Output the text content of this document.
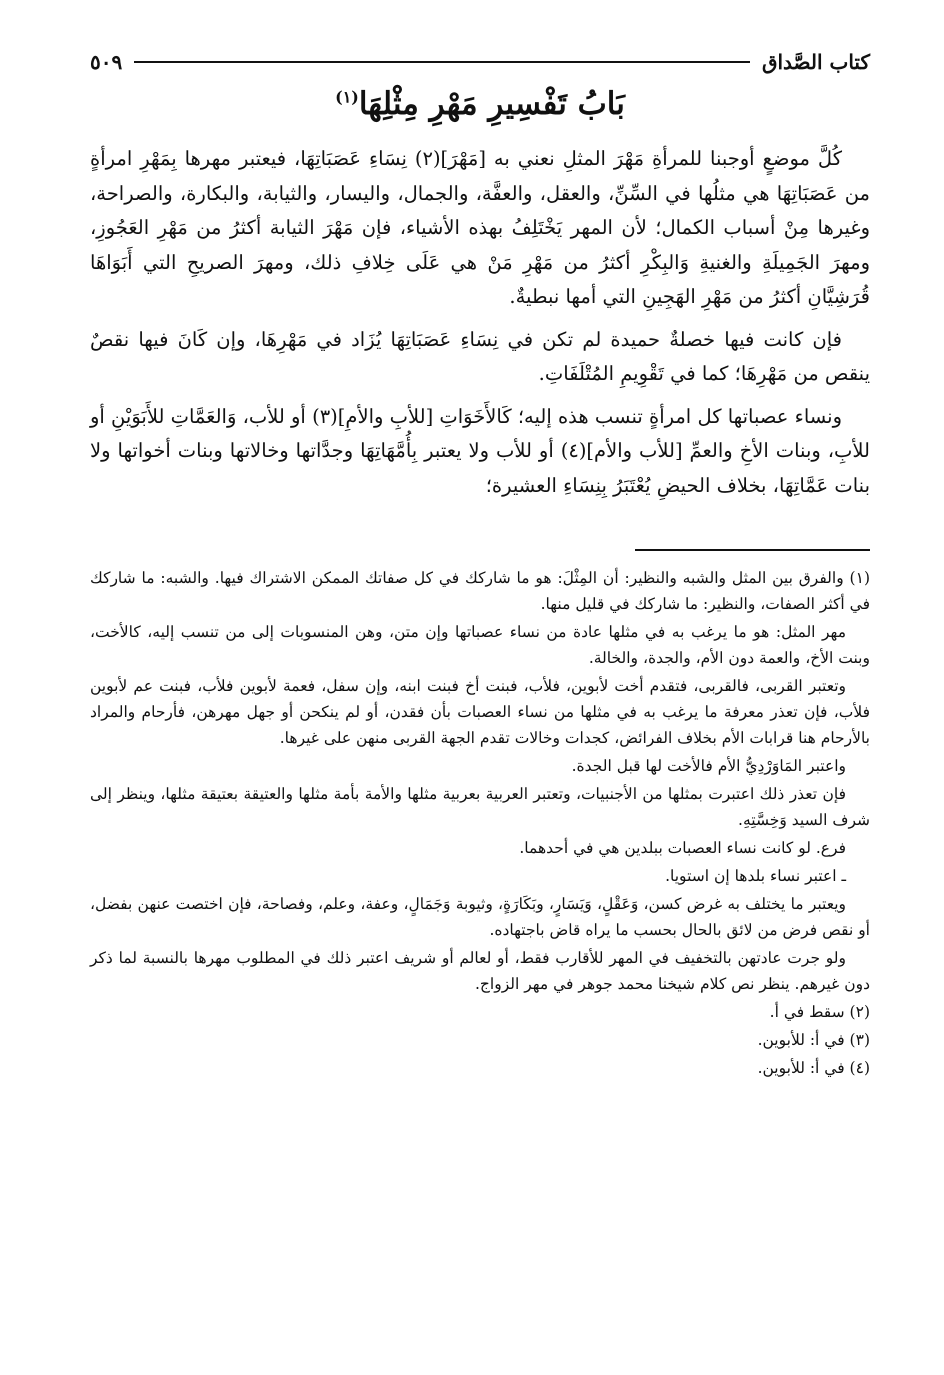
كتاب الصَّداق
٥٠٩
بَابُ تَفْسِيرِ مَهْرِ مِثْلِهَا$^{(١)}$

كُلَّ موضعٍ أوجبنا للمرأةِ مَهْرَ المثلِ نعني به [مَهْرَ](٢) نِسَاءِ عَصَبَاتِهَا، فيعتبر مهرها بِمَهْرِ امرأةٍ من عَصَبَاتِهَا هي مثلُها في السِّنِّ، والعقل، والعفَّة، والجمال، واليسار، والثيابة، والبكارة، والصراحة، وغيرها مِنْ أسباب الكمال؛ لأن المهر يَخْتَلِفُ بهذه الأشياء، فإن مَهْرَ الثيابة أكثرُ من مَهْرِ العَجُوزِ، ومهرَ الجَمِيلَةِ والغنيةِ وَالبِكْرِ أكثرُ من مَهْرِ مَنْ هي عَلَى خِلافِ ذلك، ومهرَ الصريحِ التي أَبَوَاهَا قُرَشِيَّانِ أكثرُ من مَهْرِ الهَجِينِ التي أمها نبطيةٌ.

فإن كانت فيها خصلةٌ حميدة لم تكن في نِسَاءِ عَصَبَاتِهَا يُزَاد في مَهْرِهَا، وإن كَانَ فيها نقصٌ ينقص من مَهْرِهَا؛ كما في تَقْوِيمِ المُتْلَفَاتِ.

ونساء عصباتها كل امرأةٍ تنسب هذه إليه؛ كَالأَخَوَاتِ [للأبِ والأمِ](٣) أو للأب، وَالعَمَّاتِ للأَبَوَيْنِ أو للأبِ، وبنات الأخِ والعمِّ [للأب والأم](٤) أو للأب ولا يعتبر بِأُمَّهَاتِهَا وجدَّاتها وخالاتها وبنات أخواتها ولا بنات عَمَّاتِهَا، بخلاف الحيضِ يُعْتَبَرُ بِنِسَاءِ العشيرة؛

(١) والفرق بين المثل والشبه والنظير: أن المِثْلَ: هو ما شاركك في كل صفاتك الممكن الاشتراك فيها. والشبه: ما شاركك في أكثر الصفات، والنظير: ما شاركك في قليل منها.

مهر المثل: هو ما يرغب به في مثلها عادة من نساء عصباتها وإن متن، وهن المنسوبات إلى من تنسب إليه، كالأخت، وبنت الأخ، والعمة دون الأم، والجدة، والخالة.

وتعتبر القربى، فالقربى، فتقدم أخت لأبوين، فلأب، فبنت أخ فبنت ابنه، وإن سفل، فعمة لأبوين فلأب، فبنت عم لأبوين فلأب، فإن تعذر معرفة ما يرغب به في مثلها من نساء العصبات بأن فقدن، أو لم ينكحن أو جهل مهرهن، فأرحام والمراد بالأرحام هنا قرابات الأم بخلاف الفرائض، كجدات وخالات تقدم الجهة القربى منهن على غيرها.

واعتبر المَاوَرْدِيُّ الأم فالأخت لها قبل الجدة.

فإن تعذر ذلك اعتبرت بمثلها من الأجنبيات، وتعتبر العربية بعربية مثلها والأمة بأمة مثلها والعتيقة بعتيقة مثلها، وينظر إلى شرف السيد وَخِسَّتِهِ.

فرع. لو كانت نساء العصبات ببلدين هي في أحدهما.

ـ اعتبر نساء بلدها إن استويا.

ويعتبر ما يختلف به غرض كسن، وَعَقْلٍ، وَيَسَارٍ، وبَكَارَةٍ، وثيوبة وَجَمَالٍ، وعفة، وعلم، وفصاحة، فإن اختصت عنهن بفضل، أو نقص فرض من لائق بالحال بحسب ما يراه قاض باجتهاده.

ولو جرت عادتهن بالتخفيف في المهر للأقارب فقط، أو لعالم أو شريف اعتبر ذلك في المطلوب مهرها بالنسبة لما ذكر دون غيرهم. ينظر نص كلام شيخنا محمد جوهر في مهر الزواج.

(٢) سقط في أ.

(٣) في أ: للأبوين.

(٤) في أ: للأبوين.
